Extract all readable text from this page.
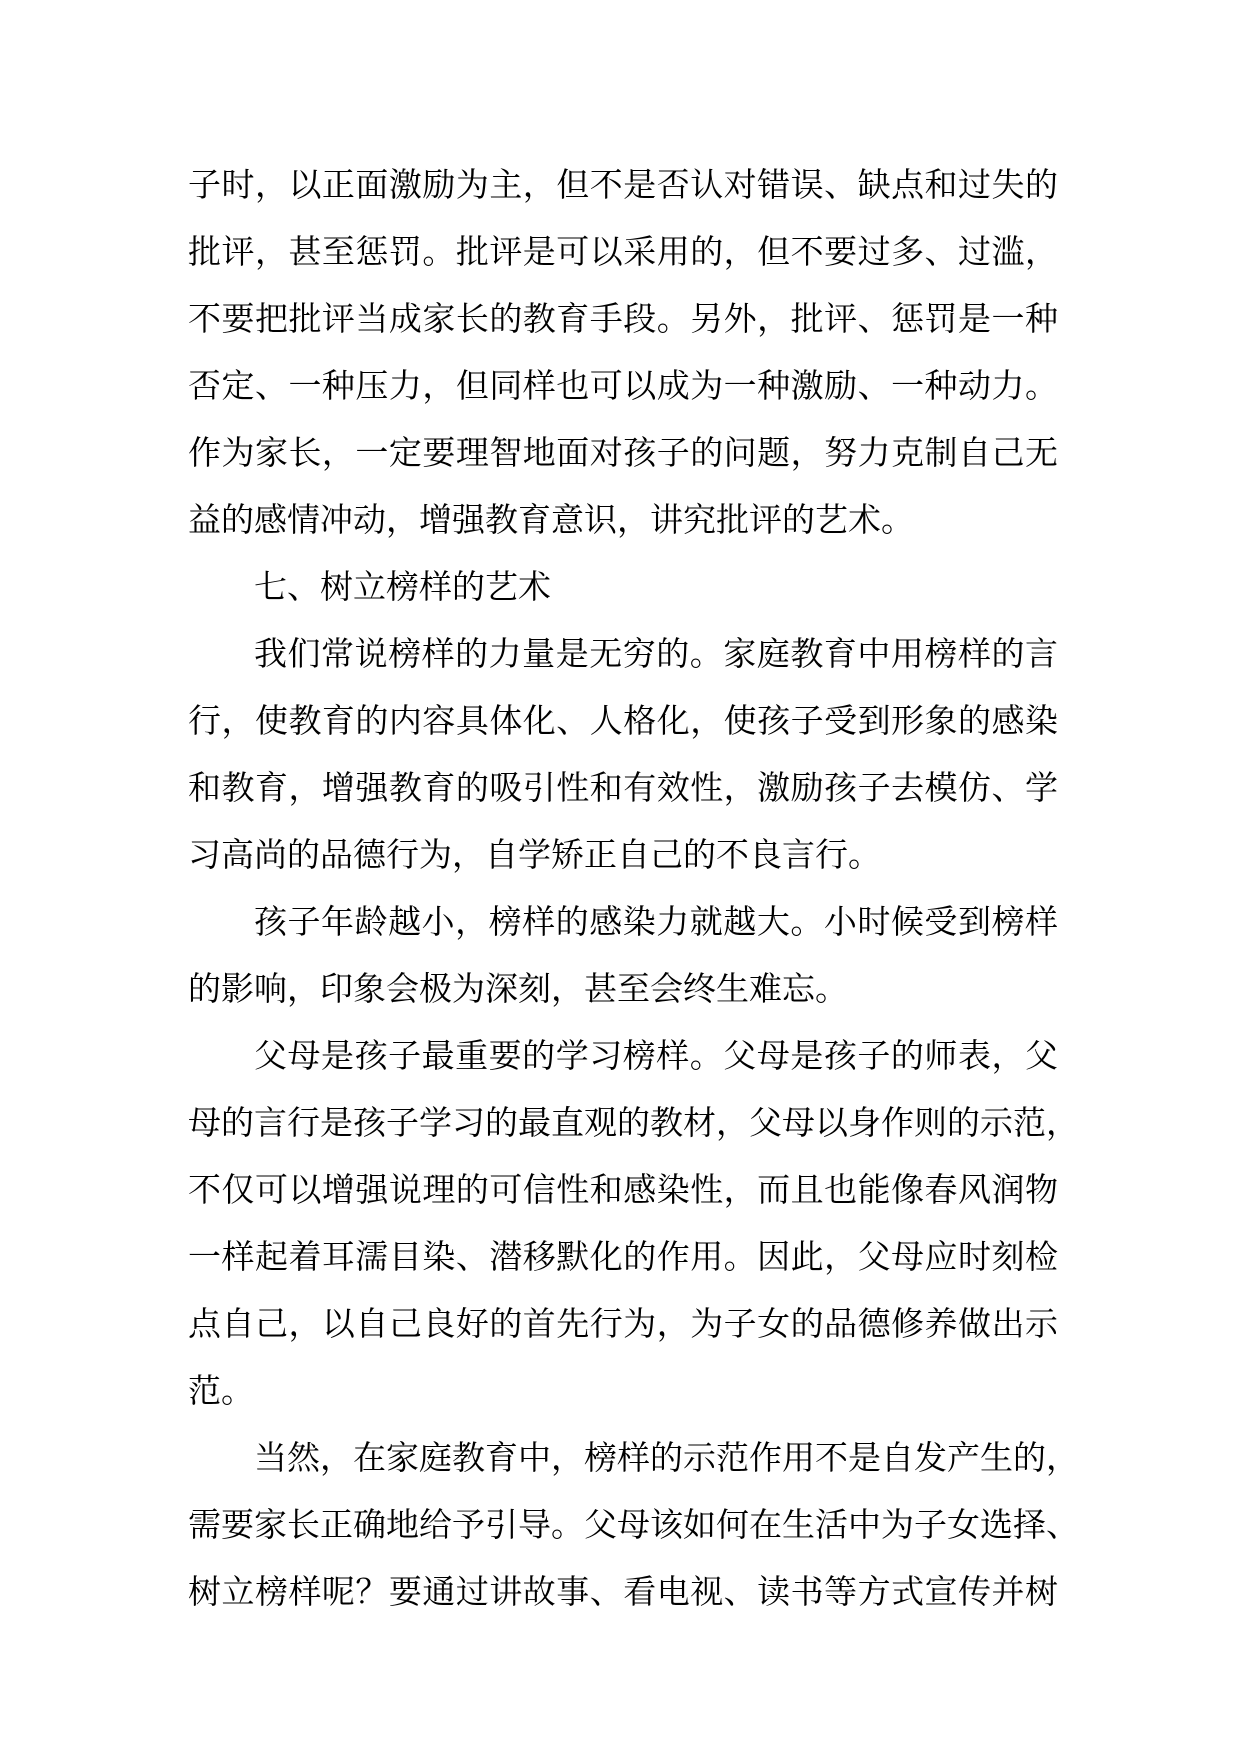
子时，以正面激励为主，但不是否认对错误、缺点和过失的
批评，甚至惩罚。批评是可以采用的，但不要过多、过滥，
不要把批评当成家长的教育手段。另外，批评、惩罚是一种
否定、一种压力，但同样也可以成为一种激励、一种动力。
作为家长，一定要理智地面对孩子的问题，努力克制自己无
益的感情冲动，增强教育意识，讲究批评的艺术。
七、树立榜样的艺术
我们常说榜样的力量是无穷的。家庭教育中用榜样的言
行，使教育的内容具体化、人格化，使孩子受到形象的感染
和教育，增强教育的吸引性和有效性，激励孩子去模仿、学
习高尚的品德行为，自学矫正自己的不良言行。
孩子年龄越小，榜样的感染力就越大。小时候受到榜样
的影响，印象会极为深刻，甚至会终生难忘。
父母是孩子最重要的学习榜样。父母是孩子的师表，父
母的言行是孩子学习的最直观的教材，父母以身作则的示范，
不仅可以增强说理的可信性和感染性，而且也能像春风润物
一样起着耳濡目染、潜移默化的作用。因此，父母应时刻检
点自己，以自己良好的首先行为，为子女的品德修养做出示
范。
当然，在家庭教育中，榜样的示范作用不是自发产生的，
需要家长正确地给予引导。父母该如何在生活中为子女选择、
树立榜样呢？要通过讲故事、看电视、读书等方式宣传并树
